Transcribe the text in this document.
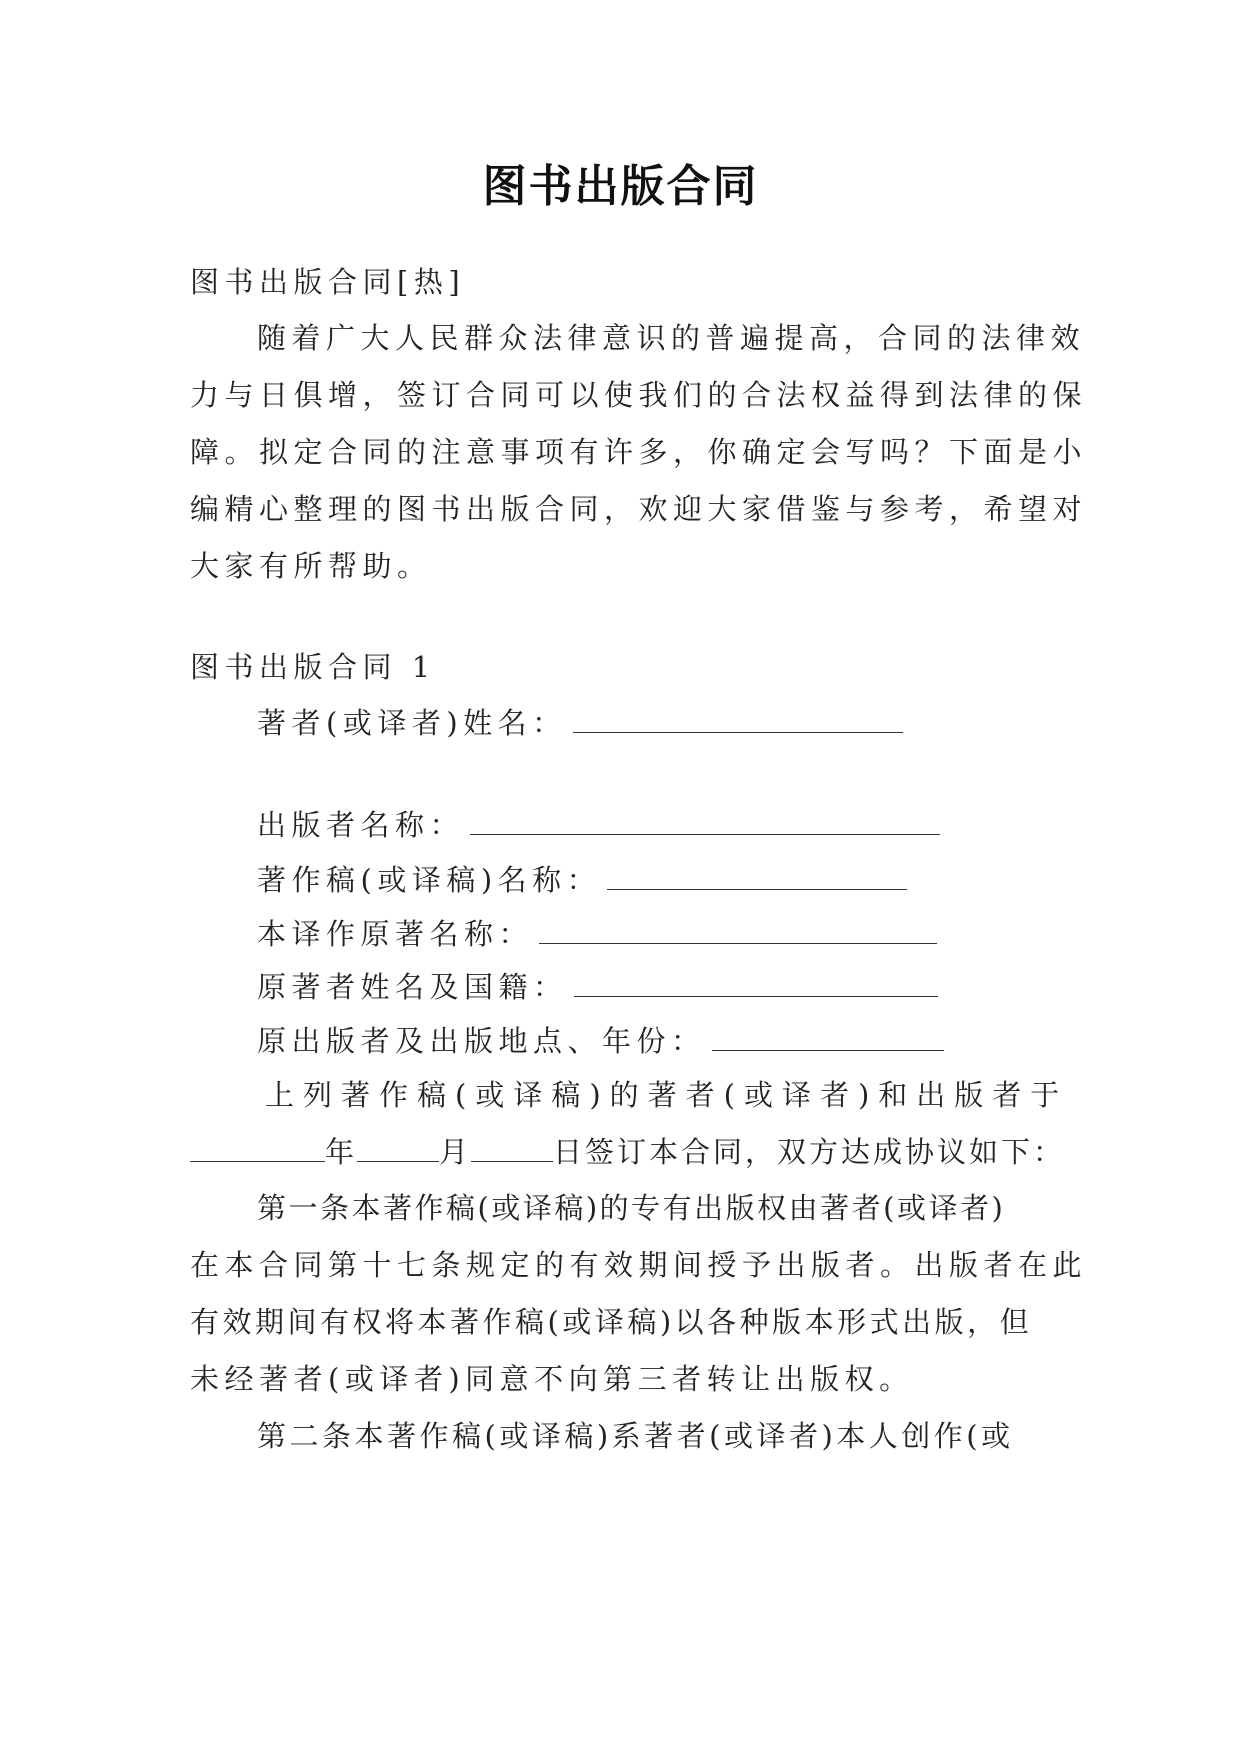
图书出版合同
图书出版合同[热]
随着广大人民群众法律意识的普遍提高，合同的法律效
力与日俱增，签订合同可以使我们的合法权益得到法律的保
障。拟定合同的注意事项有许多，你确定会写吗？下面是小
编精心整理的图书出版合同，欢迎大家借鉴与参考，希望对
大家有所帮助。
图书出版合同 1
著者(或译者)姓名：
出版者名称：
著作稿(或译稿)名称：
本译作原著名称：
原著者姓名及国籍：
原出版者及出版地点、年份：
上列著作稿(或译稿)的著者(或译者)和出版者于
年	月	日签订本合同，双方达成协议如下：
第一条本著作稿(或译稿)的专有出版权由著者(或译者)
在本合同第十七条规定的有效期间授予出版者。出版者在此
有效期间有权将本著作稿(或译稿)以各种版本形式出版，但
未经著者(或译者)同意不向第三者转让出版权。
第二条本著作稿(或译稿)系著者(或译者)本人创作(或
